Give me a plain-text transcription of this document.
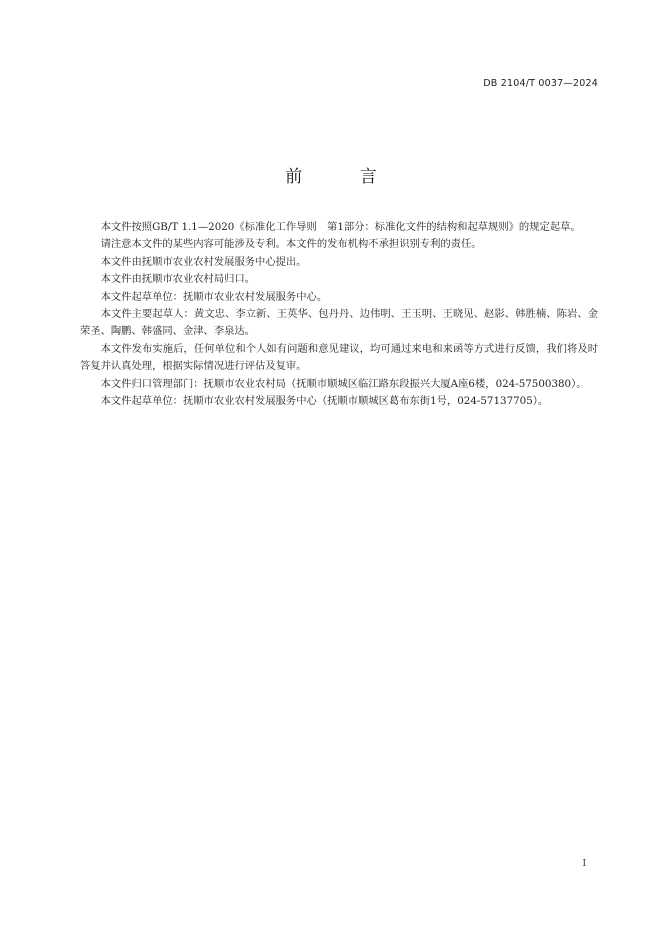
DB 2104/T 0037—2024
前 言

本文件按照GB/T 1.1—2020《标准化工作导则　第1部分：标准化文件的结构和起草规则》的规定起草。

请注意本文件的某些内容可能涉及专利。本文件的发布机构不承担识别专利的责任。

本文件由抚顺市农业农村发展服务中心提出。

本文件由抚顺市农业农村局归口。

本文件起草单位：抚顺市农业农村发展服务中心。

本文件主要起草人：黄文忠、李立新、王英华、包丹丹、边伟明、王玉明、王晓见、赵影、韩胜楠、陈岩、金荣圣、陶鹏、韩盛同、金津、李泉达。

本文件发布实施后，任何单位和个人如有问题和意见建议，均可通过来电和来函等方式进行反馈，我们将及时答复并认真处理，根据实际情况进行评估及复审。

本文件归口管理部门：抚顺市农业农村局（抚顺市顺城区临江路东段振兴大厦A座6楼，024-57500380）。

本文件起草单位：抚顺市农业农村发展服务中心（抚顺市顺城区葛布东街1号，024-57137705）。

I
